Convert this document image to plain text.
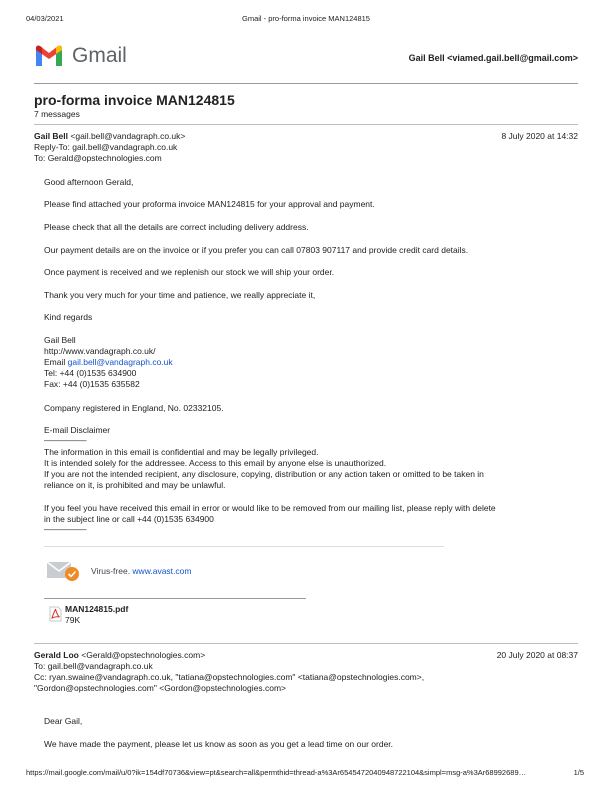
04/03/2021	Gmail - pro-forma invoice MAN124815
Gmail	Gail Bell <viamed.gail.bell@gmail.com>
pro-forma invoice MAN124815
7 messages
Gail Bell <gail.bell@vandagraph.co.uk>	8 July 2020 at 14:32
Reply-To: gail.bell@vandagraph.co.uk
To: Gerald@opstechnologies.com
Good afternoon Gerald,
Please find attached your proforma invoice MAN124815 for your approval and payment.
Please check that all the details are correct including delivery address.
Our payment details are on the invoice or if you prefer you can call 07803 907117 and provide credit card details.
Once payment is received and we replenish our stock we will ship your order.
Thank you very much for your time and patience, we really appreciate it,
Kind regards
Gail Bell
http://www.vandagraph.co.uk/
Email gail.bell@vandagraph.co.uk
Tel: +44 (0)1535 634900
Fax: +44 (0)1535 635582
Company registered in England, No. 02332105.
E-mail Disclaimer
—————
The information in this email is confidential and may be legally privileged.
It is intended solely for the addressee. Access to this email by anyone else is unauthorized.
If you are not the intended recipient, any disclosure, copying, distribution or any action taken or omitted to be taken in
reliance on it, is prohibited and may be unlawful.
If you feel you have received this email in error or would like to be removed from our mailing list, please reply with delete
in the subject line or call +44 (0)1535 634900
—————
Virus-free. www.avast.com
MAN124815.pdf
79K
Gerald Loo <Gerald@opstechnologies.com>	20 July 2020 at 08:37
To: gail.bell@vandagraph.co.uk
Cc: ryan.swaine@vandagraph.co.uk, "tatiana@opstechnologies.com" <tatiana@opstechnologies.com>,
"Gordon@opstechnologies.com" <Gordon@opstechnologies.com>
Dear Gail,
We have made the payment, please let us know as soon as you get a lead time on our order.
https://mail.google.com/mail/u/0?ik=154df70736&view=pt&search=all&permthid=thread-a%3Ar6545472040948722104&simpl=msg-a%3Ar68992689…	1/5
